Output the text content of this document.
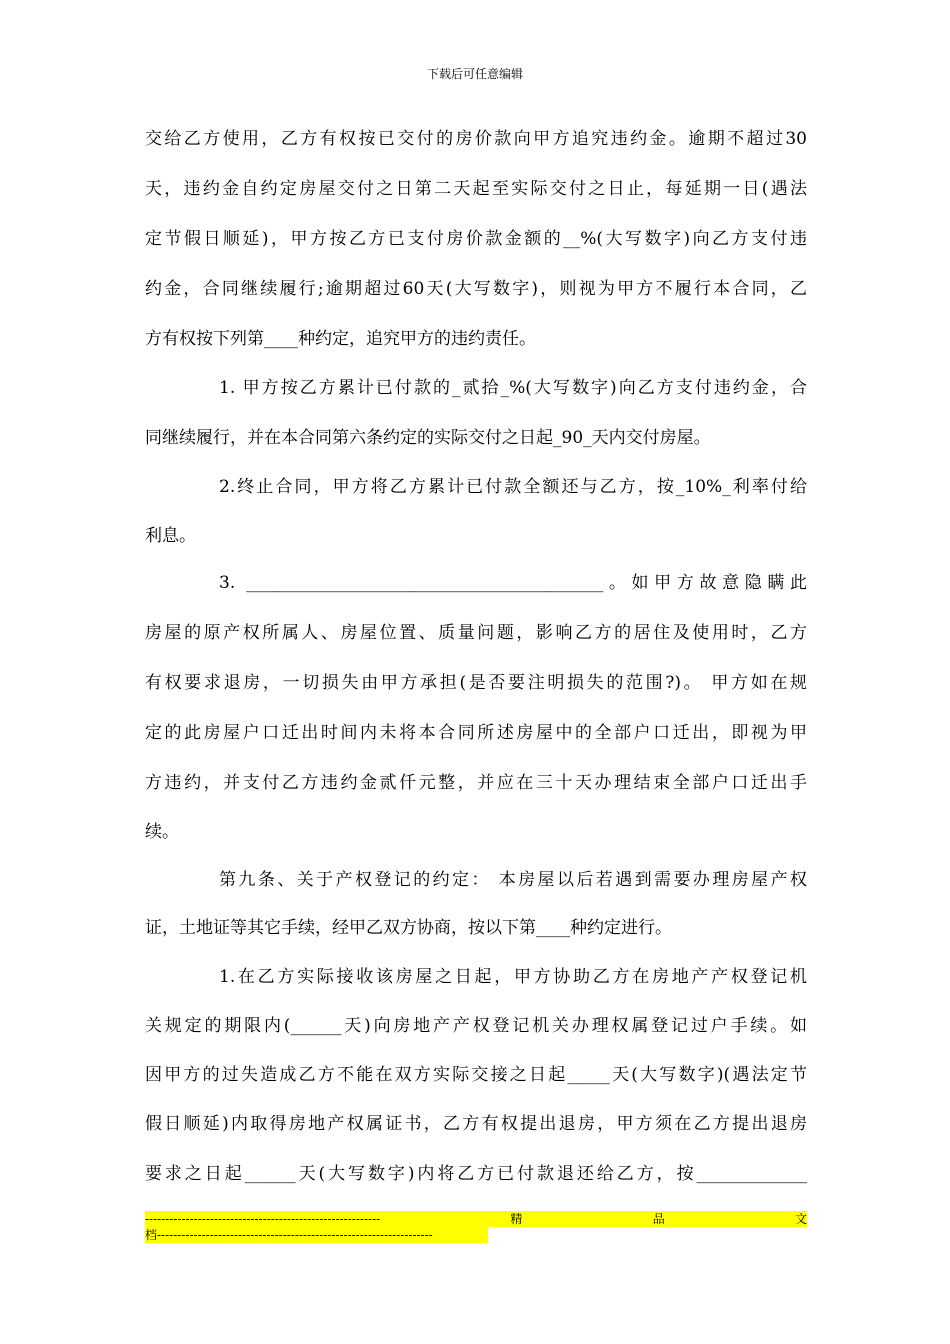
下载后可任意编辑
交给乙方使用，乙方有权按已交付的房价款向甲方追究违约金。逾期不超过30
天，违约金自约定房屋交付之日第二天起至实际交付之日止，每延期一日(遇法
定节假日顺延)，甲方按乙方已支付房价款金额的__%(大写数字)向乙方支付违
约金，合同继续履行;逾期超过60天(大写数字)，则视为甲方不履行本合同，乙
方有权按下列第____种约定，追究甲方的违约责任。
1. 甲方按乙方累计已付款的_贰拾_%(大写数字)向乙方支付违约金，合
同继续履行，并在本合同第六条约定的实际交付之日起_90_天内交付房屋。
2.终止合同，甲方将乙方累计已付款全额还与乙方，按_10%_利率付给
利息。
3. __________________________________________。如甲方故意隐瞒此
房屋的原产权所属人、房屋位置、质量问题，影响乙方的居住及使用时，乙方
有权要求退房，一切损失由甲方承担(是否要注明损失的范围?)。 甲方如在规
定的此房屋户口迁出时间内未将本合同所述房屋中的全部户口迁出，即视为甲
方违约，并支付乙方违约金贰仟元整，并应在三十天办理结束全部户口迁出手
续。
第九条、关于产权登记的约定： 本房屋以后若遇到需要办理房屋产权
证，土地证等其它手续，经甲乙双方协商，按以下第____种约定进行。
1.在乙方实际接收该房屋之日起，甲方协助乙方在房地产产权登记机
关规定的期限内(______天)向房地产产权登记机关办理权属登记过户手续。如
因甲方的过失造成乙方不能在双方实际交接之日起_____天(大写数字)(遇法定节
假日顺延)内取得房地产权属证书，乙方有权提出退房，甲方须在乙方提出退房
要求之日起______天(大写数字)内将乙方已付款退还给乙方，按_____________
----------------------------------------------------------	精	品	文
档--------------------------------------------------------------------
